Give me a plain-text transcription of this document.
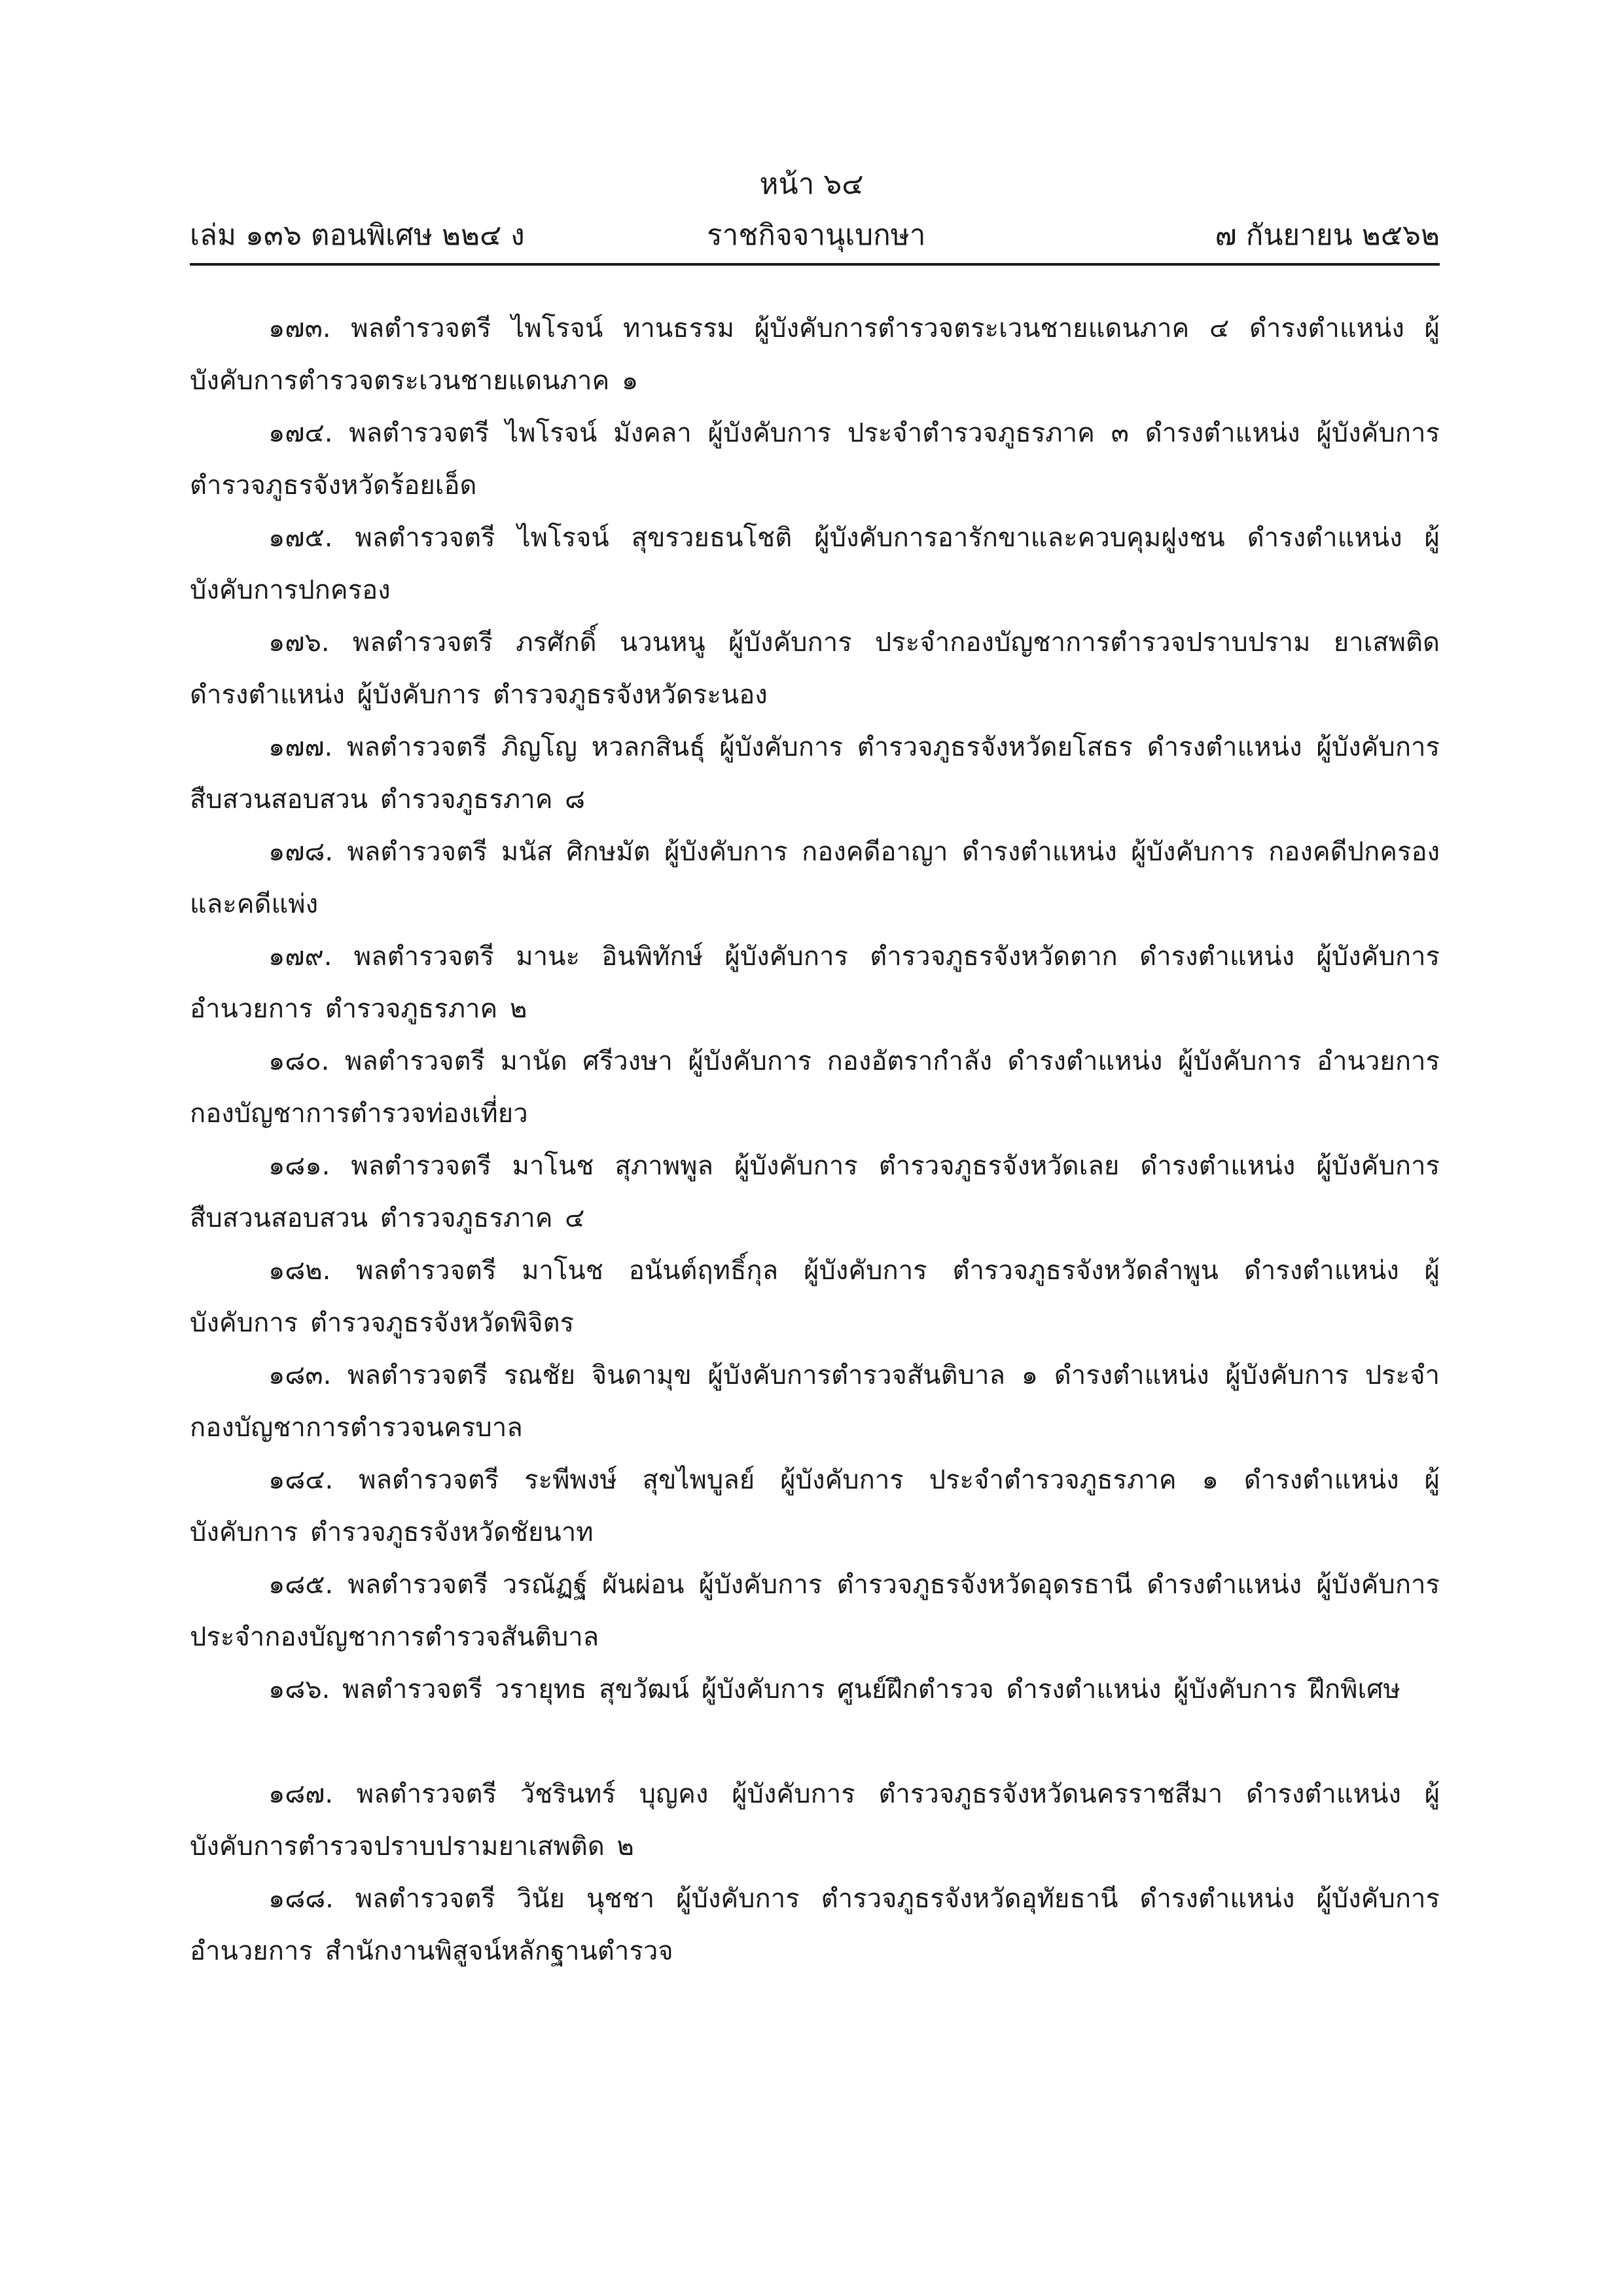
หน้า ๖๔
เล่ม ๑๓๖ ตอนพิเศษ ๒๒๔ ง	ราชกิจจานุเบกษา	๗ กันยายน ๒๕๖๒

๑๗๓. พลตำรวจตรี ไพโรจน์ ทานธรรม ผู้บังคับการตำรวจตระเวนชายแดนภาค ๔ ดำรงตำแหน่ง ผู้บังคับการตำรวจตระเวนชายแดนภาค ๑

๑๗๔. พลตำรวจตรี ไพโรจน์ มังคลา ผู้บังคับการ ประจำตำรวจภูธรภาค ๓ ดำรงตำแหน่ง ผู้บังคับการ ตำรวจภูธรจังหวัดร้อยเอ็ด

๑๗๕. พลตำรวจตรี ไพโรจน์ สุขรวยธนโชติ ผู้บังคับการอารักขาและควบคุมฝูงชน ดำรงตำแหน่ง ผู้บังคับการปกครอง

๑๗๖. พลตำรวจตรี ภรศักดิ์ นวนหนู ผู้บังคับการ ประจำกองบัญชาการตำรวจปราบปราม ยาเสพติด ดำรงตำแหน่ง ผู้บังคับการ ตำรวจภูธรจังหวัดระนอง

๑๗๗. พลตำรวจตรี ภิญโญ หวลกสินธุ์ ผู้บังคับการ ตำรวจภูธรจังหวัดยโสธร ดำรงตำแหน่ง ผู้บังคับการสืบสวนสอบสวน ตำรวจภูธรภาค ๘

๑๗๘. พลตำรวจตรี มนัส ศิกษมัต ผู้บังคับการ กองคดีอาญา ดำรงตำแหน่ง ผู้บังคับการ กองคดีปกครองและคดีแพ่ง

๑๗๙. พลตำรวจตรี มานะ อินพิทักษ์ ผู้บังคับการ ตำรวจภูธรจังหวัดตาก ดำรงตำแหน่ง ผู้บังคับการอำนวยการ ตำรวจภูธรภาค ๒

๑๘๐. พลตำรวจตรี มานัด ศรีวงษา ผู้บังคับการ กองอัตรากำลัง ดำรงตำแหน่ง ผู้บังคับการ อำนวยการ กองบัญชาการตำรวจท่องเที่ยว

๑๘๑. พลตำรวจตรี มาโนช สุภาพพูล ผู้บังคับการ ตำรวจภูธรจังหวัดเลย ดำรงตำแหน่ง ผู้บังคับการสืบสวนสอบสวน ตำรวจภูธรภาค ๔

๑๘๒. พลตำรวจตรี มาโนช อนันต์ฤทธิ์กุล ผู้บังคับการ ตำรวจภูธรจังหวัดลำพูน ดำรงตำแหน่ง ผู้บังคับการ ตำรวจภูธรจังหวัดพิจิตร

๑๘๓. พลตำรวจตรี รณชัย จินดามุข ผู้บังคับการตำรวจสันติบาล ๑ ดำรงตำแหน่ง ผู้บังคับการ ประจำกองบัญชาการตำรวจนครบาล

๑๘๔. พลตำรวจตรี ระพีพงษ์ สุขไพบูลย์ ผู้บังคับการ ประจำตำรวจภูธรภาค ๑ ดำรงตำแหน่ง ผู้บังคับการ ตำรวจภูธรจังหวัดชัยนาท

๑๘๕. พลตำรวจตรี วรณัฏฐ์ ผันผ่อน ผู้บังคับการ ตำรวจภูธรจังหวัดอุดรธานี ดำรงตำแหน่ง ผู้บังคับการ ประจำกองบัญชาการตำรวจสันติบาล

๑๘๖. พลตำรวจตรี วรายุทธ สุขวัฒน์ ผู้บังคับการ ศูนย์ฝึกตำรวจ ดำรงตำแหน่ง ผู้บังคับการ ฝึกพิเศษ

๑๘๗. พลตำรวจตรี วัชรินทร์ บุญคง ผู้บังคับการ ตำรวจภูธรจังหวัดนครราชสีมา ดำรงตำแหน่ง ผู้บังคับการตำรวจปราบปรามยาเสพติด ๒

๑๘๘. พลตำรวจตรี วินัย นุชชา ผู้บังคับการ ตำรวจภูธรจังหวัดอุทัยธานี ดำรงตำแหน่ง ผู้บังคับการอำนวยการ สำนักงานพิสูจน์หลักฐานตำรวจ
